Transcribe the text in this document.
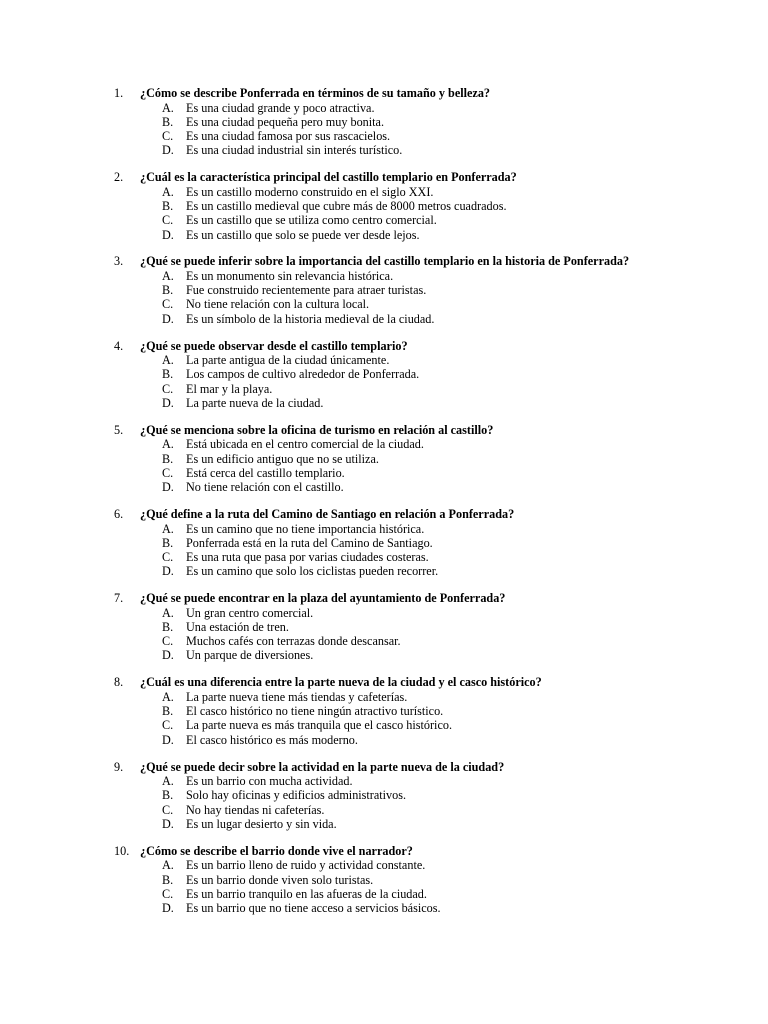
1. ¿Cómo se describe Ponferrada en términos de su tamaño y belleza?
A. Es una ciudad grande y poco atractiva.
B. Es una ciudad pequeña pero muy bonita.
C. Es una ciudad famosa por sus rascacielos.
D. Es una ciudad industrial sin interés turístico.
2. ¿Cuál es la característica principal del castillo templario en Ponferrada?
A. Es un castillo moderno construido en el siglo XXI.
B. Es un castillo medieval que cubre más de 8000 metros cuadrados.
C. Es un castillo que se utiliza como centro comercial.
D. Es un castillo que solo se puede ver desde lejos.
3. ¿Qué se puede inferir sobre la importancia del castillo templario en la historia de Ponferrada?
A. Es un monumento sin relevancia histórica.
B. Fue construido recientemente para atraer turistas.
C. No tiene relación con la cultura local.
D. Es un símbolo de la historia medieval de la ciudad.
4. ¿Qué se puede observar desde el castillo templario?
A. La parte antigua de la ciudad únicamente.
B. Los campos de cultivo alrededor de Ponferrada.
C. El mar y la playa.
D. La parte nueva de la ciudad.
5. ¿Qué se menciona sobre la oficina de turismo en relación al castillo?
A. Está ubicada en el centro comercial de la ciudad.
B. Es un edificio antiguo que no se utiliza.
C. Está cerca del castillo templario.
D. No tiene relación con el castillo.
6. ¿Qué define a la ruta del Camino de Santiago en relación a Ponferrada?
A. Es un camino que no tiene importancia histórica.
B. Ponferrada está en la ruta del Camino de Santiago.
C. Es una ruta que pasa por varias ciudades costeras.
D. Es un camino que solo los ciclistas pueden recorrer.
7. ¿Qué se puede encontrar en la plaza del ayuntamiento de Ponferrada?
A. Un gran centro comercial.
B. Una estación de tren.
C. Muchos cafés con terrazas donde descansar.
D. Un parque de diversiones.
8. ¿Cuál es una diferencia entre la parte nueva de la ciudad y el casco histórico?
A. La parte nueva tiene más tiendas y cafeterías.
B. El casco histórico no tiene ningún atractivo turístico.
C. La parte nueva es más tranquila que el casco histórico.
D. El casco histórico es más moderno.
9. ¿Qué se puede decir sobre la actividad en la parte nueva de la ciudad?
A. Es un barrio con mucha actividad.
B. Solo hay oficinas y edificios administrativos.
C. No hay tiendas ni cafeterías.
D. Es un lugar desierto y sin vida.
10. ¿Cómo se describe el barrio donde vive el narrador?
A. Es un barrio lleno de ruido y actividad constante.
B. Es un barrio donde viven solo turistas.
C. Es un barrio tranquilo en las afueras de la ciudad.
D. Es un barrio que no tiene acceso a servicios básicos.
